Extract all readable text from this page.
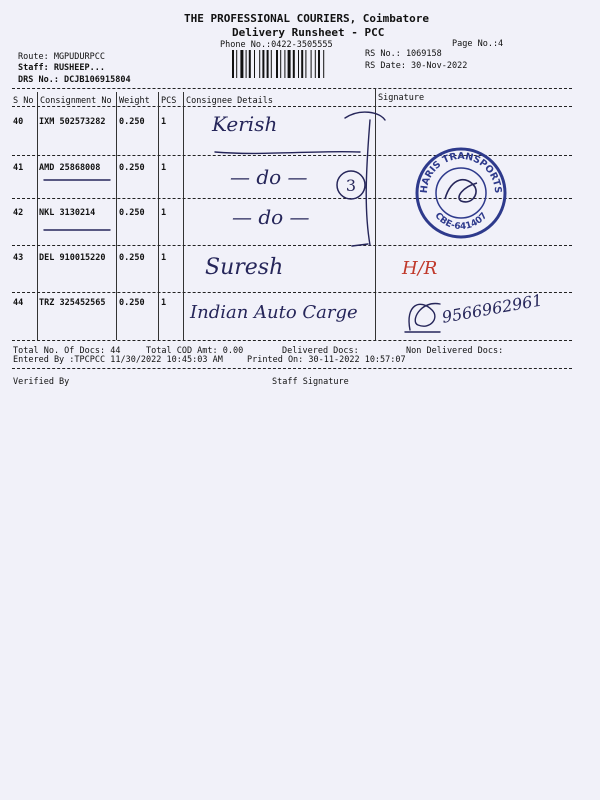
THE PROFESSIONAL COURIERS, Coimbatore
Delivery Runsheet - PCC
Phone No.:0422-3505555	Page No.:4
Route: MGPUDURPCC
Staff: RUSHEEP...
DRS No.: DCJB106915804
RS No.: 1069158
RS Date: 30-Nov-2022
S No Consignment No Weight PCS Consignee Details	Signature
40 IXM 502573282 0.250 1 Kerish
41 AMD 25868008 0.250 1	— do —
42 NKL 3130214	0.250 1	— do —
43 DEL 910015220 0.250 1 Suresh	H/R
44 TRZ 325452565 0.250 1 Indian Auto Carge	9566962961
3	HARIS TRANSPORTS
CBE-641407
Total No. Of Docs: 44	Total COD Amt: 0.00	Delivered Docs:	Non Delivered Docs:
Entered By :TPCPCC 11/30/2022 10:45:03 AM	Printed On: 30-11-2022 10:57:07
Verified By	Staff Signature
